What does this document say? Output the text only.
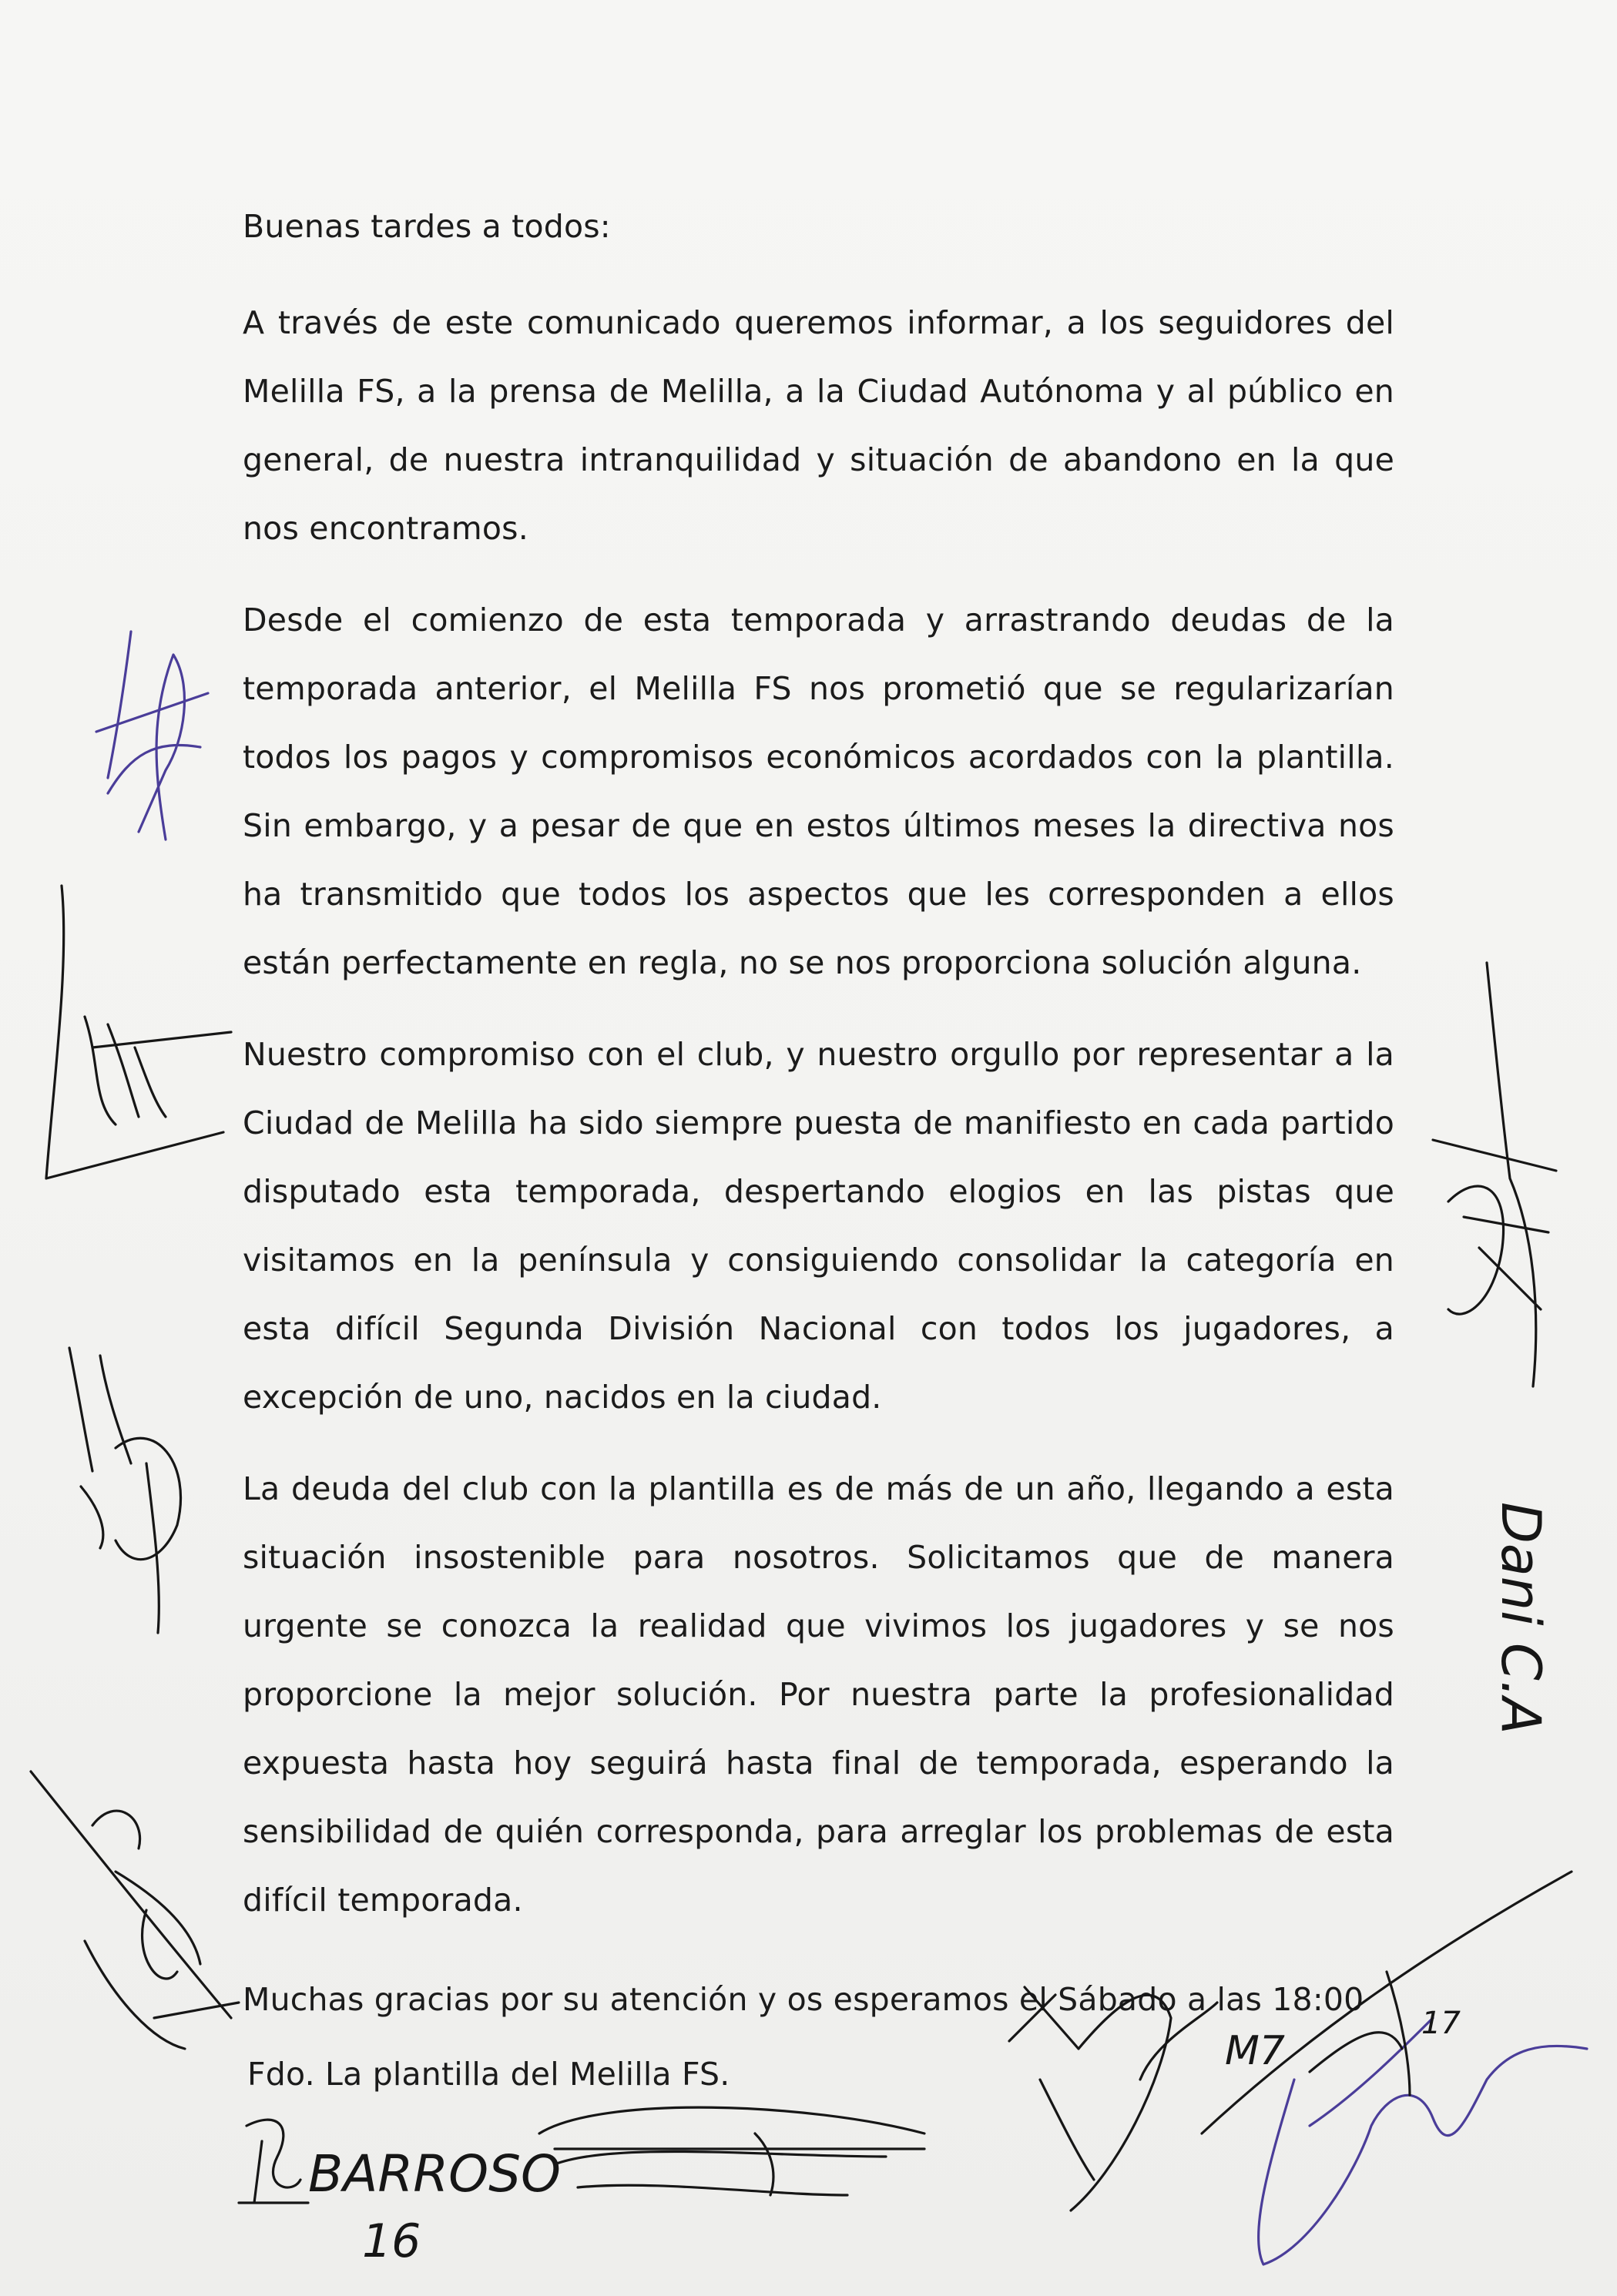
Buenas tardes a todos:

A través de este comunicado queremos informar, a los seguidores del Melilla FS, a la prensa de Melilla, a la Ciudad Autónoma y al público en general, de nuestra intranquilidad y situación de abandono en la que nos encontramos.

Desde el comienzo de esta temporada y arrastrando deudas de la temporada anterior, el Melilla FS nos prometió que se regularizarían todos los pagos y compromisos económicos acordados con la plantilla. Sin embargo, y a pesar de que en estos últimos meses la directiva nos ha transmitido que todos los aspectos que les corresponden a ellos están perfectamente en regla, no se nos proporciona solución alguna.

Nuestro compromiso con el club, y nuestro orgullo por representar a la Ciudad de Melilla ha sido siempre puesta de manifiesto en cada partido disputado esta temporada, despertando elogios en las pistas que visitamos en la península y consiguiendo consolidar la categoría en esta difícil Segunda División Nacional con todos los jugadores, a excepción de uno, nacidos en la ciudad.

La deuda del club con la plantilla es de más de un año, llegando a esta situación insostenible para nosotros. Solicitamos que de manera urgente se conozca la realidad que vivimos los jugadores y se nos proporcione la mejor solución. Por nuestra parte la profesionalidad expuesta hasta hoy seguirá hasta final de temporada, esperando la sensibilidad de quién corresponda, para arreglar los problemas de esta difícil temporada.

Muchas gracias por su atención y os esperamos el Sábado a las 18:00

Fdo. La plantilla del Melilla FS.

Dani C.A
BARROSO
16
M7
17
